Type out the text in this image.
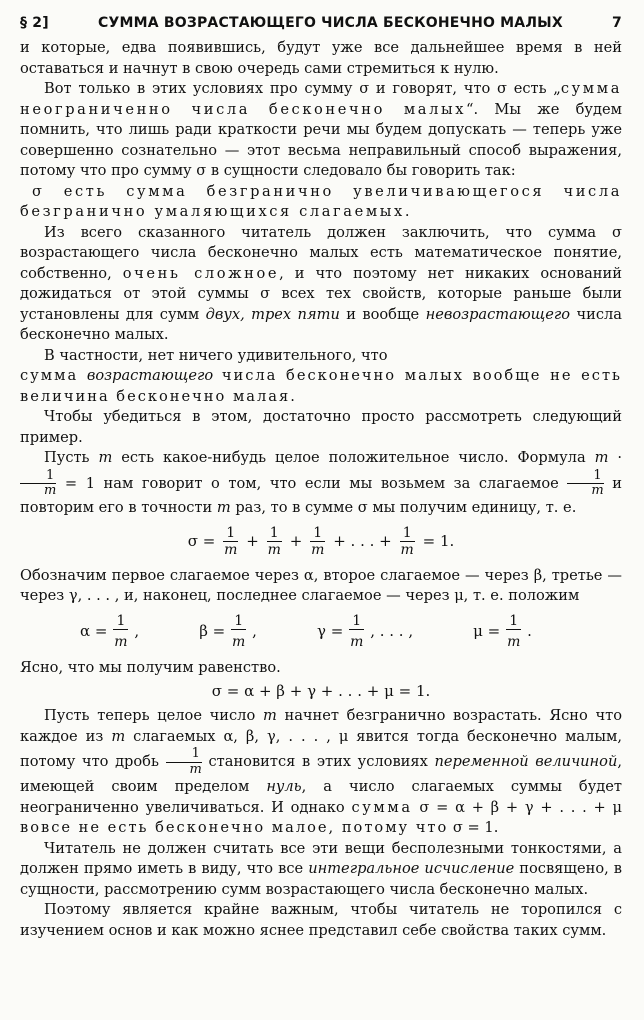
§ 2]	СУММА ВОЗРАСТАЮЩЕГО ЧИСЛА БЕСКОНЕЧНО МАЛЫХ	7

и которые, едва появившись, будут уже все дальнейшее время в ней оставаться и начнут в свою очередь сами стремиться к нулю.

Вот только в этих условиях про сумму σ и говорят, что σ есть „сумма неограниченно числа бесконечно малых“. Мы же будем помнить, что лишь ради краткости речи мы будем допускать — теперь уже совершенно сознательно — этот весьма неправильный способ выражения, потому что про сумму σ в сущности следовало бы говорить так:

σ есть сумма безгранично увеличивающегося числа безгранично умаляющихся слагаемых.

Из всего сказанного читатель должен заключить, что сумма σ возрастающего числа бесконечно малых есть математическое понятие, собственно, очень сложное, и что поэтому нет никаких оснований дожидаться от этой суммы σ всех тех свойств, которые раньше были установлены для сумм двух, трех пяти и вообще невозрастающего числа бесконечно малых.

В частности, нет ничего удивительного, что

сумма возрастающего числа бесконечно малых вообще не есть величина бесконечно малая.

Чтобы убедиться в этом, достаточно просто рассмотреть следующий пример.

Пусть m есть какое-нибудь целое положительное число. Формула m ·
$\frac{1}{m} = 1$ нам говорит о том, что если мы возьмем за слагаемое $\frac{1}{m}$ и повторим его в точности m раз, то в сумме σ мы получим единицу, т. е.

$\sigma = \frac{1}{m} + \frac{1}{m} + \frac{1}{m}$ + . . . + $\frac{1}{m} = 1$.

Обозначим первое слагаемое через α, второе слагаемое — через β, третье — через γ, . . . , и, наконец, последнее слагаемое — через μ, т. е. положим

$\alpha = \frac{1}{m}$ ,	$\beta = \frac{1}{m}$ ,	$\gamma = \frac{1}{m}$ , . . . ,	$\mu = \frac{1}{m}$ .

Ясно, что мы получим равенство.

σ = α + β + γ + . . . + μ = 1.

Пусть теперь целое число m начнет безгранично возрастать. Ясно что каждое из m слагаемых α, β, γ, . . . , μ явится тогда бесконечно малым, потому что дробь $\frac{1}{m}$ становится в этих условиях переменной величиной, имеющей своим пределом нуль, а число слагаемых суммы будет неограниченно увеличиваться. И однако сумма σ = α + β + γ + . . . + μ вовсе не есть бесконечно малое, потому что σ = 1.

Читатель не должен считать все эти вещи бесполезными тонкостями, а должен прямо иметь в виду, что все интегральное исчисление посвящено, в сущности, рассмотрению сумм возрастающего числа бесконечно малых.

Поэтому является крайне важным, чтобы читатель не торопился с изучением основ и как можно яснее представил себе свойства таких сумм.
